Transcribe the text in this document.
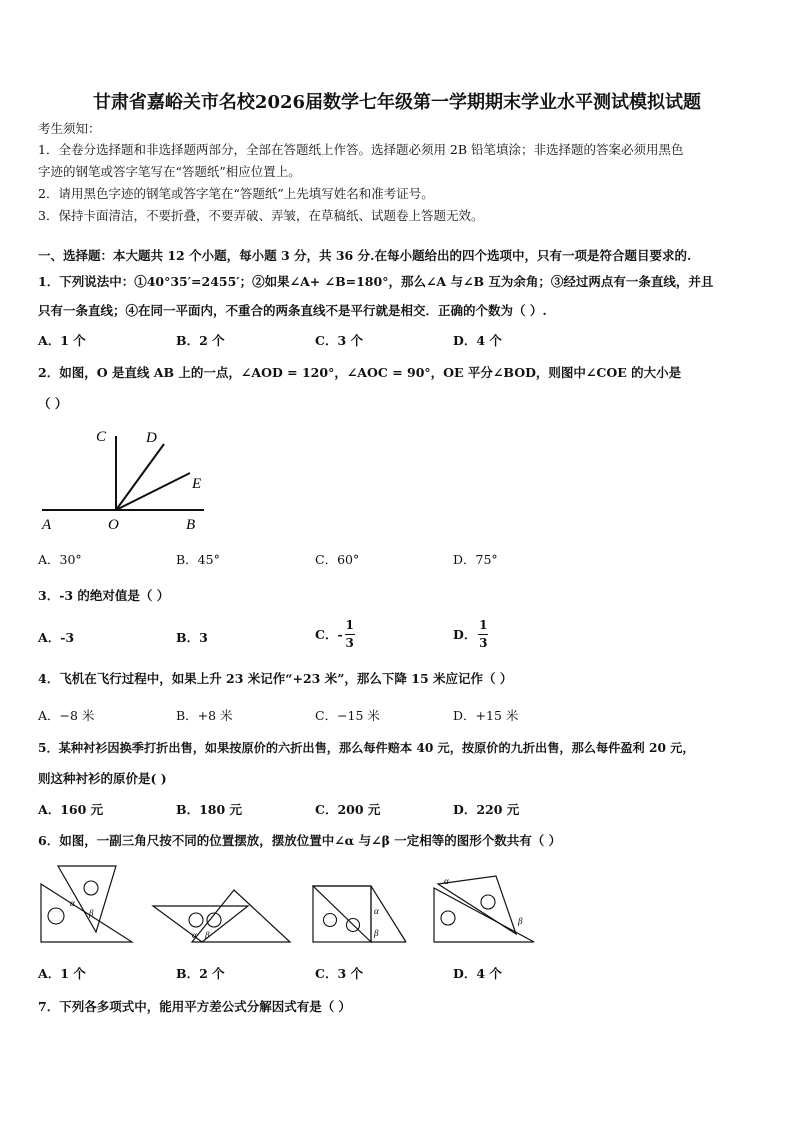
甘肃省嘉峪关市名校2026届数学七年级第一学期期末学业水平测试模拟试题
考生须知：
1．全卷分选择题和非选择题两部分，全部在答题纸上作答。选择题必须用 2B 铅笔填涂；非选择题的答案必须用黑色
字迹的钢笔或答字笔写在“答题纸”相应位置上。
2．请用黑色字迹的钢笔或答字笔在“答题纸”上先填写姓名和准考证号。
3．保持卡面清洁，不要折叠，不要弄破、弄皱，在草稿纸、试题卷上答题无效。
一、选择题：本大题共 12 个小题，每小题 3 分，共 36 分.在每小题给出的四个选项中，只有一项是符合题目要求的.
1．下列说法中：①40°35′=2455′；②如果∠A+ ∠B=180°，那么∠A 与∠B 互为余角；③经过两点有一条直线，并且
只有一条直线；④在同一平面内，不重合的两条直线不是平行就是相交．正确的个数为（ ）.
A．1 个	B．2 个	C．3 个	D．4 个
2．如图，O 是直线 AB 上的一点，∠AOD = 120°，∠AOC = 90°，OE 平分∠BOD，则图中∠COE 的大小是
（ ）
C	D
E
A	O	B
A．30°	B．45°	C．60°	D．75°
3．-3 的绝对值是（ ）
A．-3	B．3	C．- $\frac{1}{3}$	D． $\frac{1}{3}$
4．飞机在飞行过程中，如果上升 23 米记作“+23 米”，那么下降 15 米应记作（ ）
A．−8 米	B．+8 米	C．−15 米	D．+15 米
5．某种衬衫因换季打折出售，如果按原价的六折出售，那么每件赔本 40 元，按原价的九折出售，那么每件盈利 20 元，
则这种衬衫的原价是( )
A．160 元	B．180 元	C．200 元	D．220 元
6．如图，一副三角尺按不同的位置摆放，摆放位置中∠α 与∠β 一定相等的图形个数共有（ ）
α
β
α β
α
β
α
β
A．1 个	B．2 个	C．3 个	D．4 个
7．下列各多项式中，能用平方差公式分解因式有是（ ）
